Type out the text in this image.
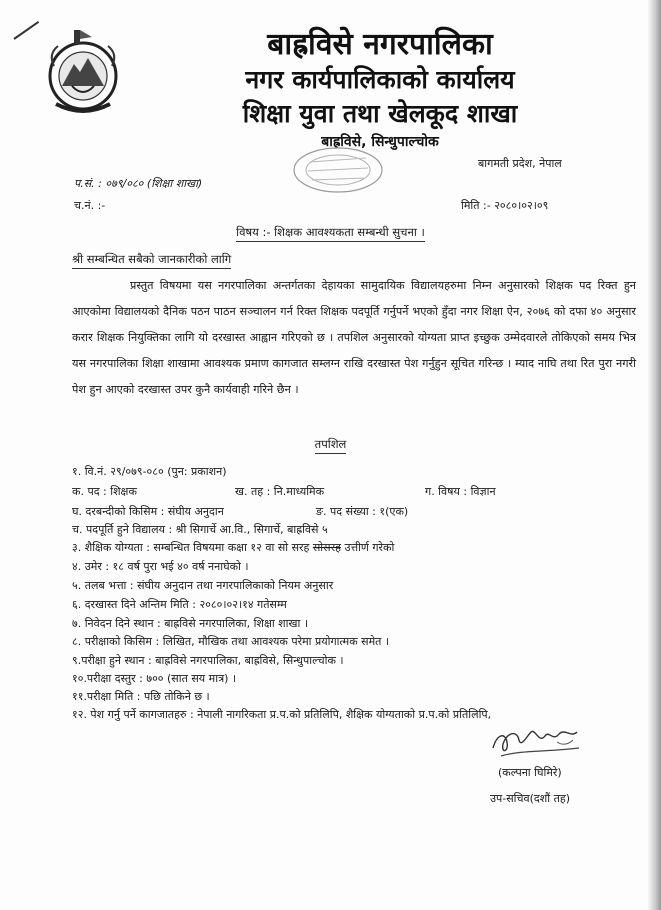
बाह्रविसे नगरपालिका
नगर कार्यपालिकाको कार्यालय
शिक्षा युवा तथा खेलकूद शाखा
बाह्रविसे, सिन्धुपाल्चोक
बागमती प्रदेश, नेपाल
प.सं. : ०७९/०८० (शिक्षा शाखा)
च.नं. :-	मिति :- २०८०।०२।०९
विषय :- शिक्षक आवश्यकता सम्बन्धी सुचना ।
श्री सम्बन्धित सबैको जानकारीको लागि

प्रस्तुत विषयमा यस नगरपालिका अन्तर्गतका देहायका सामुदायिक विद्यालयहरुमा निम्न अनुसारको शिक्षक पद रिक्त हुन आएकोमा विद्यालयको दैनिक पठन पाठन सञ्चालन गर्न रिक्त शिक्षक पदपूर्ति गर्नुपर्ने भएको हुँदा नगर शिक्षा ऐन, २०७६ को दफा ४० अनुसार करार शिक्षक नियुक्तिका लागि यो दरखास्त आह्वान गरिएको छ । तपशिल अनुसारको योग्यता प्राप्त इच्छुक उम्मेदवारले तोकिएको समय भित्र यस नगरपालिका शिक्षा शाखामा आवश्यक प्रमाण कागजात सम्लग्न राखि दरखास्त पेश गर्नुहुन सूचित गरिन्छ । म्याद नाघि तथा रित पुरा नगरी पेश हुन आएको दरखास्त उपर कुनै कार्यवाही गरिने छैन ।

तपशिल
१. वि.नं. २९/०७९-०८० (पुन: प्रकाशन)
क. पद : शिक्षक	ख. तह : नि.माध्यमिक	ग. विषय : विज्ञान
घ. दरबन्दीको किसिम : संघीय अनुदान	ङ. पद संख्या : १(एक)
च. पदपूर्ति हुने विद्यालय : श्री सिगार्चे आ.वि., सिगार्चे, बाह्रविसे ५
३. शैक्षिक योग्यता : सम्बन्धित विषयमा कक्षा १२ वा सो सरह सोसरह उत्तीर्ण गरेको
४. उमेर : १८ वर्ष पुरा भई ४० वर्ष ननाघेको ।
५. तलब भत्ता : संघीय अनुदान तथा नगरपालिकाको नियम अनुसार
६. दरखास्त दिने अन्तिम मिति : २०८०।०२।१४ गतेसम्म
७. निवेदन दिने स्थान : बाह्रविसे नगरपालिका, शिक्षा शाखा ।
८. परीक्षाको किसिम : लिखित, मौखिक तथा आवश्यक परेमा प्रयोगात्मक समेत ।
९.परीक्षा हुने स्थान : बाह्रविसे नगरपालिका, बाह्रविसे, सिन्धुपाल्चोक ।
१०.परीक्षा दस्तुर : ७०० (सात सय मात्र) ।
११.परीक्षा मिति : पछि तोकिने छ ।
१२. पेश गर्नु पर्ने कागजातहरु : नेपाली नागरिकता प्र.प.को प्रतिलिपि, शैक्षिक योग्यताको प्र.प.को प्रतिलिपि,
(कल्पना घिमिरे)
उप-सचिव(दशौं तह)
